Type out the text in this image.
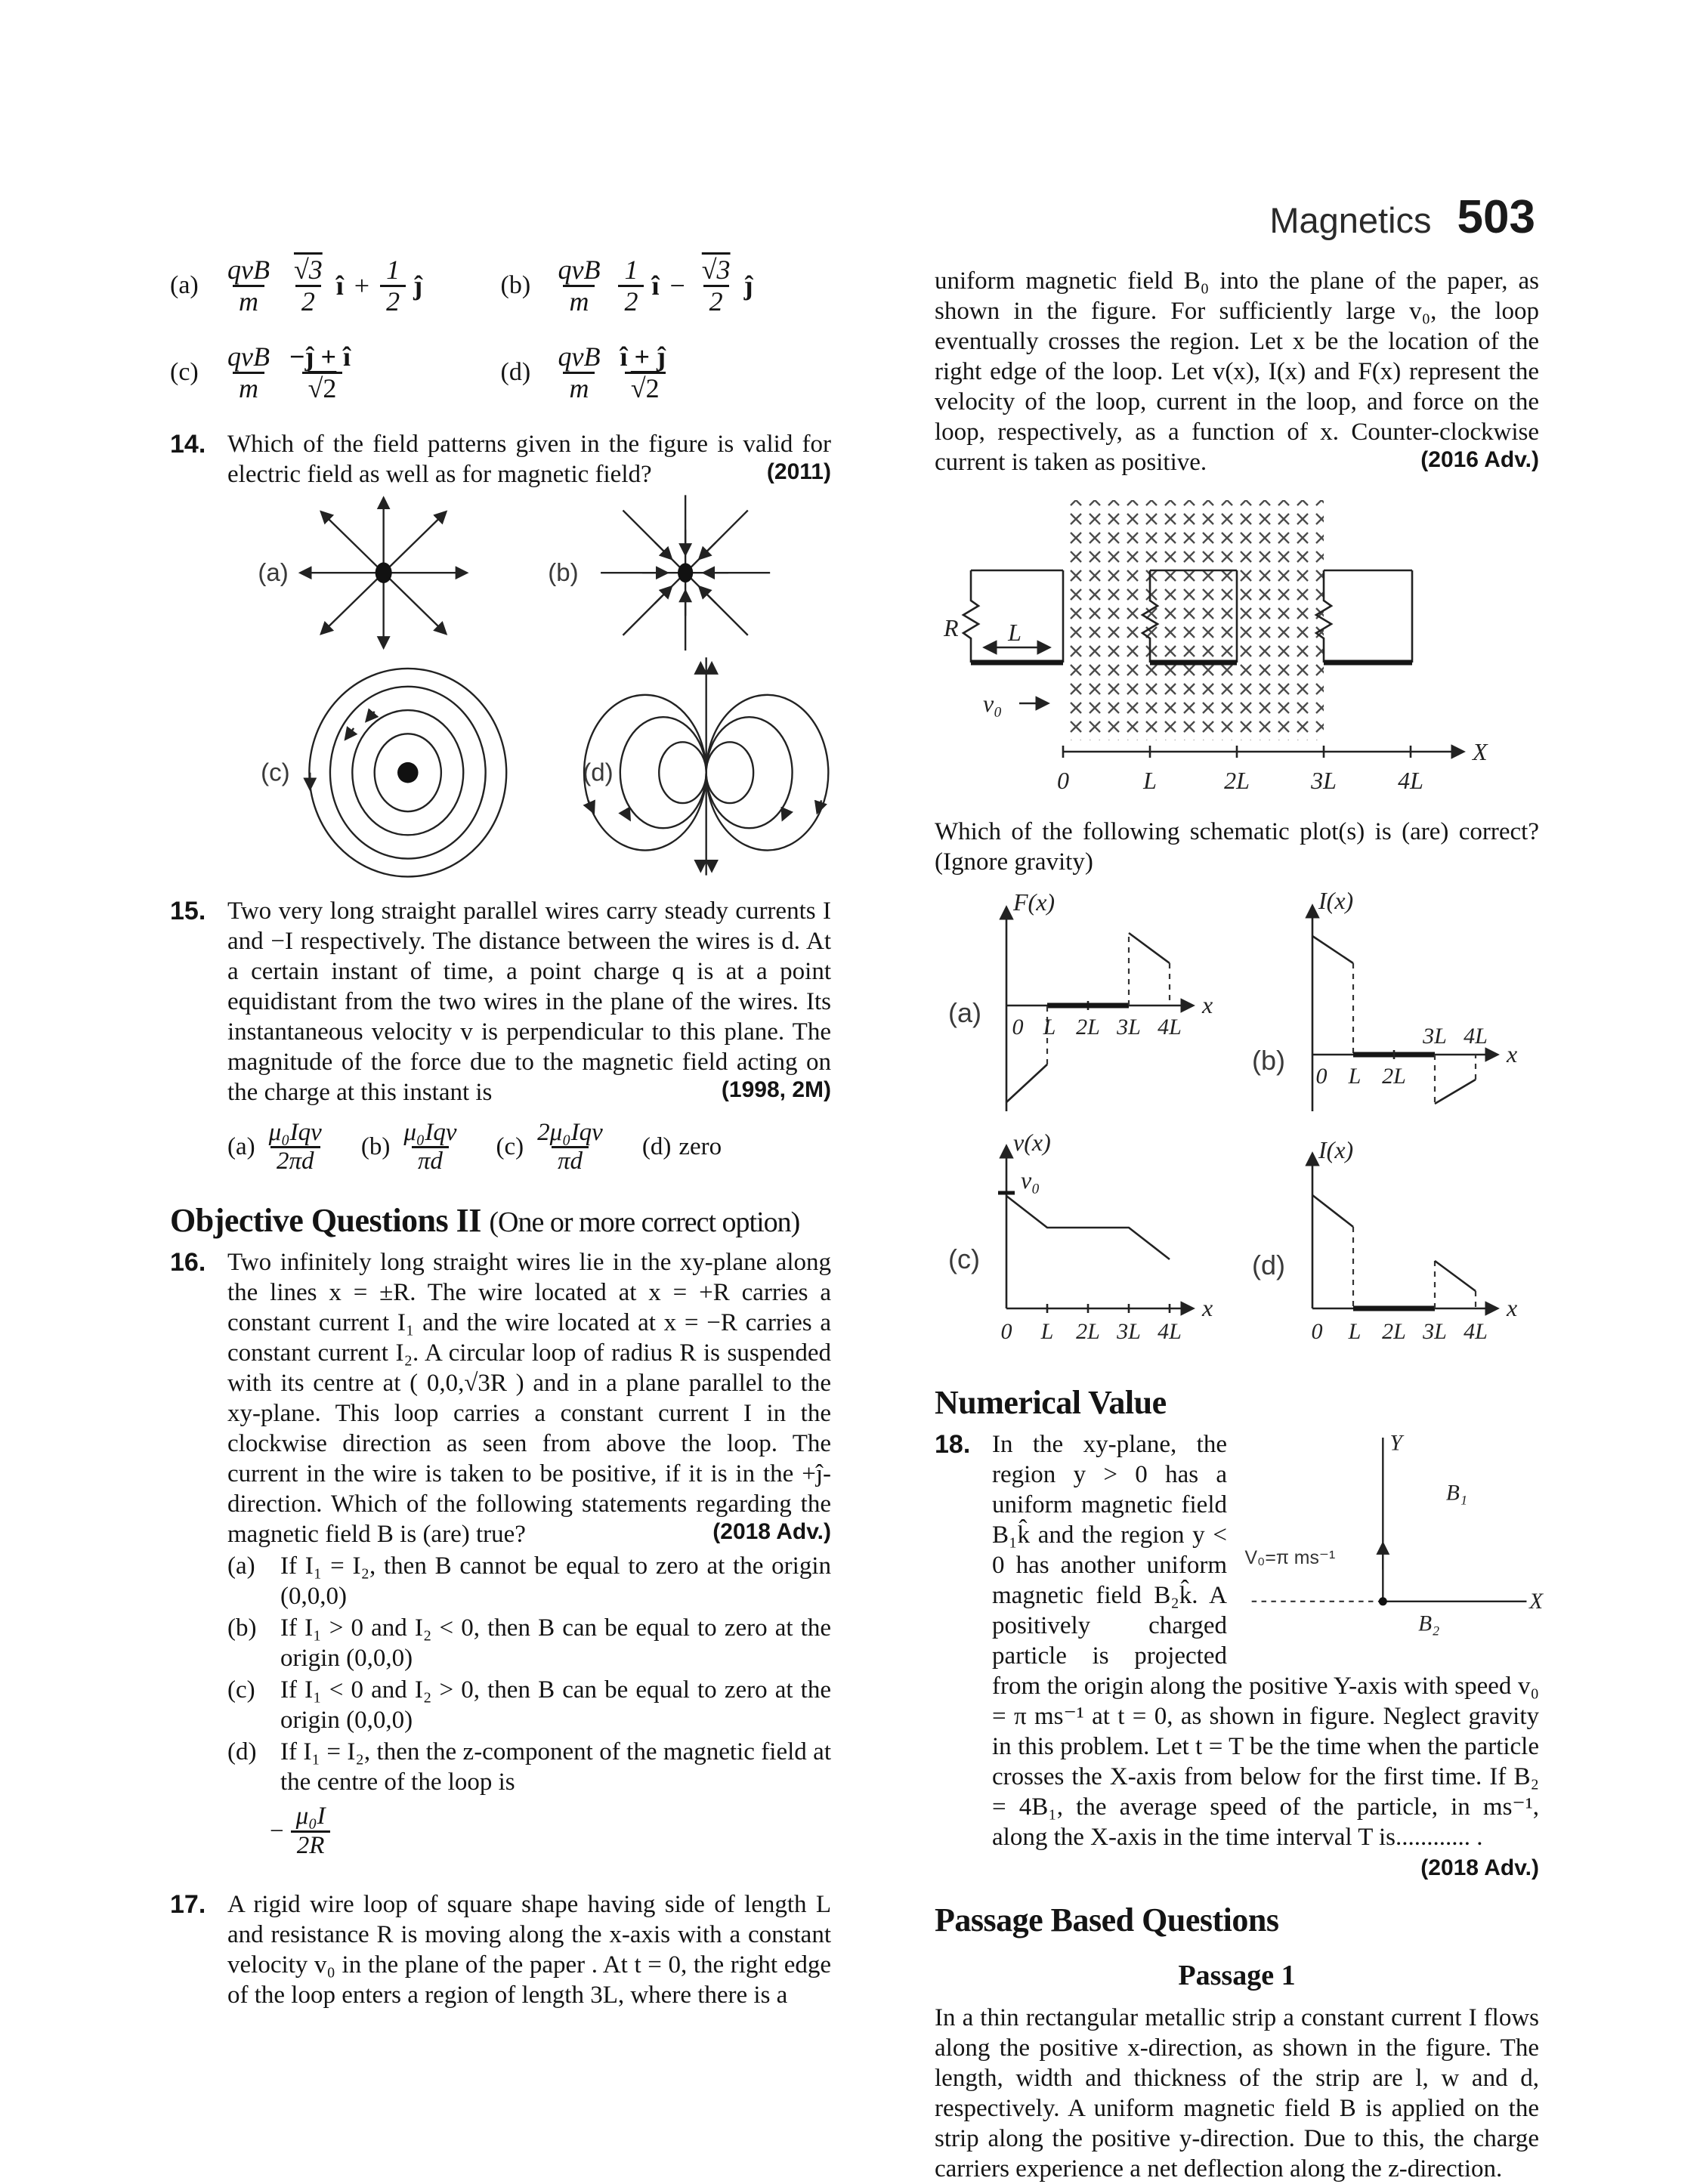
Magnetics 503
$(a) \frac{\text{qvB}}{m} \frac{√3}{2}$ î + $\frac{1}{2}$ ĵ	$(b) \frac{\text{qvB}}{m} \frac{1}{2}$ î − $\frac{√3}{2}$ ĵ
$(c) \frac{\text{qvB}}{m} \frac{-ĵ + î}{√2}$	$(d) \frac{\text{qvB}}{m} \frac{î + ĵ}{√2}$
14. Which of the field patterns given in the figure is valid for electric field as well as for magnetic field?	(2011)
(a)	(b)
(c)	(d)
15. Two very long straight parallel wires carry steady currents I and −I respectively. The distance between the wires is d. At a certain instant of time, a point charge q is at a point equidistant from the two wires in the plane of the wires. Its instantaneous velocity v is perpendicular to this plane. The magnitude of the force due to the magnetic field acting on the charge at this instant is	(1998, 2M)
$(a) \frac{\text{μ₀Iqv}}{2\pi d} (b) \frac{\text{μ₀Iqv}}{\pi d} (c) \frac{\text{2μ₀Iqv}}{\pi d} (d)$ zero
Objective Questions II (One or more correct option)
16. Two infinitely long straight wires lie in the xy-plane along the lines x = ±R. The wire located at x = +R carries a constant current I₁ and the wire located at x = −R carries a constant current I₂. A circular loop of radius R is suspended with its centre at ( 0,0,√3R ) and in a plane parallel to the xy-plane. This loop carries a constant current I in the clockwise direction as seen from above the loop. The current in the wire is taken to be positive, if it is in the +ĵ-direction. Which of the following statements regarding the magnetic field B is (are) true?	(2018 Adv.)
(a)	If I₁ = I₂, then B cannot be equal to zero at the origin (0,0,0)
(b) If I₁ > 0 and I₂ < 0, then B can be equal to zero at the origin (0,0,0)
(c)	If I₁ < 0 and I₂ > 0, then B can be equal to zero at the origin (0,0,0)
(d) If I₁ = I₂, then the z-component of the magnetic field at the centre of the loop is
− $\frac{\text{μ₀I}}{2R}$
17. A rigid wire loop of square shape having side of length L and resistance R is moving along the x-axis with a constant velocity v₀ in the plane of the paper . At t = 0, the right edge of the loop enters a region of length 3L, where there is a
uniform magnetic field B₀ into the plane of the paper, as shown in the figure. For sufficiently large v₀, the loop eventually crosses the region. Let x be the location of the right edge of the loop. Let v(x), I(x) and F(x) represent the velocity of the loop, current in the loop, and force on the loop, respectively, as a function of x. Counter-clockwise current is taken as positive.	(2016 Adv.)
0	L	2L	3L	4L
X
R L
v₀
Which of the following schematic plot(s) is (are) correct? (Ignore gravity)
(a)
F(x)
x
0 L 2L 3L 4L
(b)
I(x)
x
0 L 2L
3L 4L
(c)
v(x)
x
v₀
0 L 2L 3L 4L
(d)
I(x)
x
0 L 2L 3L 4L
Numerical Value
18.	Y
X
V₀=π ms⁻¹
B₁
B₂
In the xy-plane, the region y > 0 has a uniform magnetic field B₁k̂ and the region y < 0 has another uniform magnetic field B₂k̂. A positively charged particle is projected from the origin along the positive Y-axis with speed v₀ = π ms⁻¹ at t = 0, as shown in figure. Neglect gravity in this problem. Let t = T be the time when the particle crosses the X-axis from below for the first time. If B₂ = 4B₁, the average speed of the particle, in ms⁻¹, along the X-axis in the time interval T is............ .
(2018 Adv.)
Passage Based Questions
Passage 1
In a thin rectangular metallic strip a constant current I flows along the positive x-direction, as shown in the figure. The length, width and thickness of the strip are l, w and d, respectively. A uniform magnetic field B is applied on the strip along the positive y-direction. Due to this, the charge carriers experience a net deflection along the z-direction.
